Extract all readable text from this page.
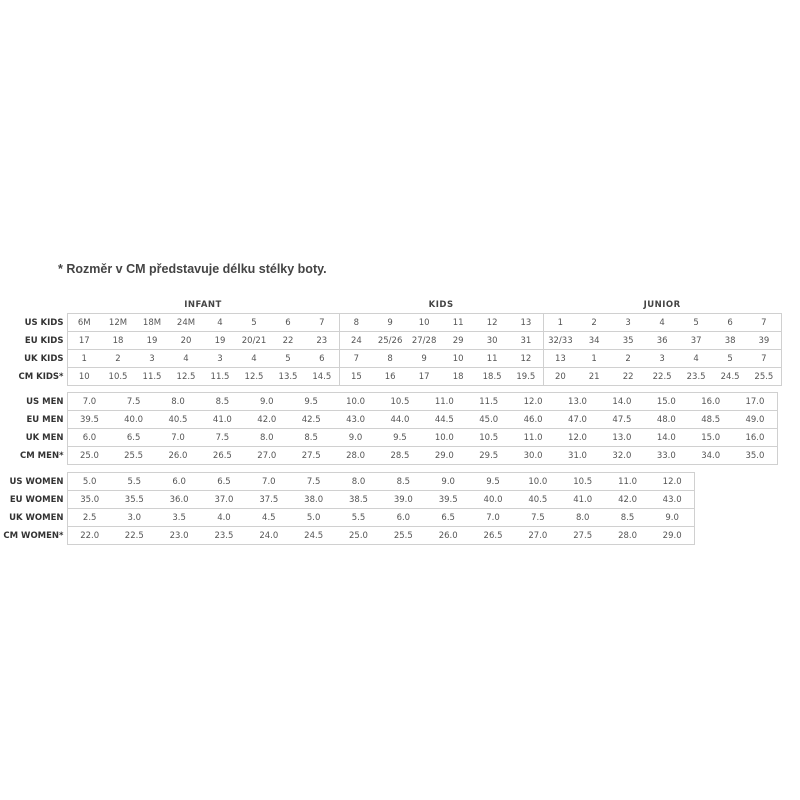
* Rozměr v CM představuje délku stélky boty.
	INFANT								KIDS						JUNIOR						
US KIDS	6M	12M	18M	24M	4	5	6	7	8	9	10	11	12	13	1	2	3	4	5	6	7
EU KIDS	17	18	19	20	19	20/21	22	23	24	25/26	27/28	29	30	31	32/33	34	35	36	37	38	39
UK KIDS	1	2	3	4	3	4	5	6	7	8	9	10	11	12	13	1	2	3	4	5	7
CM KIDS*	10	10.5	11.5	12.5	11.5	12.5	13.5	14.5	15	16	17	18	18.5	19.5	20	21	22	22.5	23.5	24.5	25.5
US MEN	7.0	7.5	8.0	8.5	9.0	9.5	10.0	10.5	11.0	11.5	12.0	13.0	14.0	15.0	16.0	17.0
EU MEN	39.5	40.0	40.5	41.0	42.0	42.5	43.0	44.0	44.5	45.0	46.0	47.0	47.5	48.0	48.5	49.0
UK MEN	6.0	6.5	7.0	7.5	8.0	8.5	9.0	9.5	10.0	10.5	11.0	12.0	13.0	14.0	15.0	16.0
CM MEN*	25.0	25.5	26.0	26.5	27.0	27.5	28.0	28.5	29.0	29.5	30.0	31.0	32.0	33.0	34.0	35.0
US WOMEN	5.0	5.5	6.0	6.5	7.0	7.5	8.0	8.5	9.0	9.5	10.0	10.5	11.0	12.0
EU WOMEN	35.0	35.5	36.0	37.0	37.5	38.0	38.5	39.0	39.5	40.0	40.5	41.0	42.0	43.0
UK WOMEN	2.5	3.0	3.5	4.0	4.5	5.0	5.5	6.0	6.5	7.0	7.5	8.0	8.5	9.0
CM WOMEN*	22.0	22.5	23.0	23.5	24.0	24.5	25.0	25.5	26.0	26.5	27.0	27.5	28.0	29.0
